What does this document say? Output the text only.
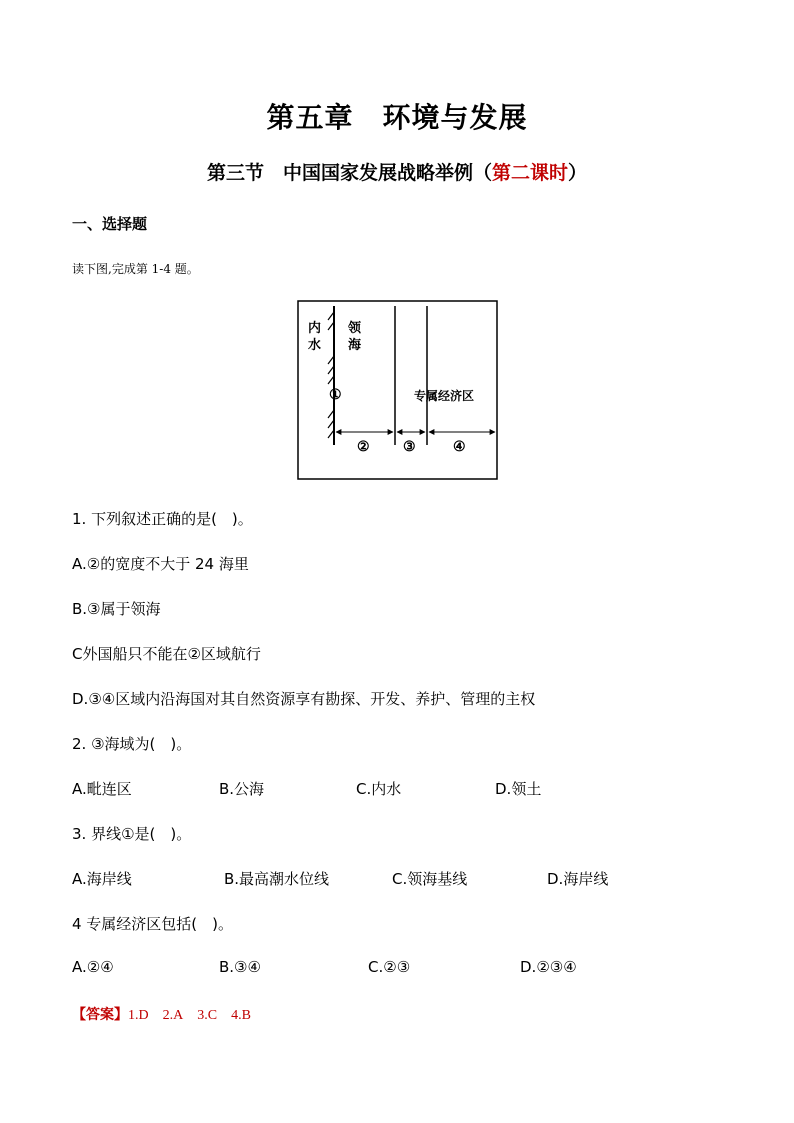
第五章　环境与发展
第三节　中国国家发展战略举例（第二课时）
一、选择题
读下图,完成第 1-4 题。
内
水
领
海
①	专属经济区
② ③	④
1. 下列叙述正确的是(　)。
A.②的宽度不大于 24 海里
B.③属于领海
C外国船只不能在②区域航行
D.③④区域内沿海国对其自然资源享有勘探、开发、养护、管理的主权
2. ③海域为(　)。
A.毗连区	B.公海	C.内水	D.领土
3. 界线①是(　)。
A.海岸线	B.最高潮水位线	C.领海基线	D.海岸线
4 专属经济区包括(　)。
A.②④	B.③④	C.②③	D.②③④
【答案】1.D 2.A 3.C 4.B
